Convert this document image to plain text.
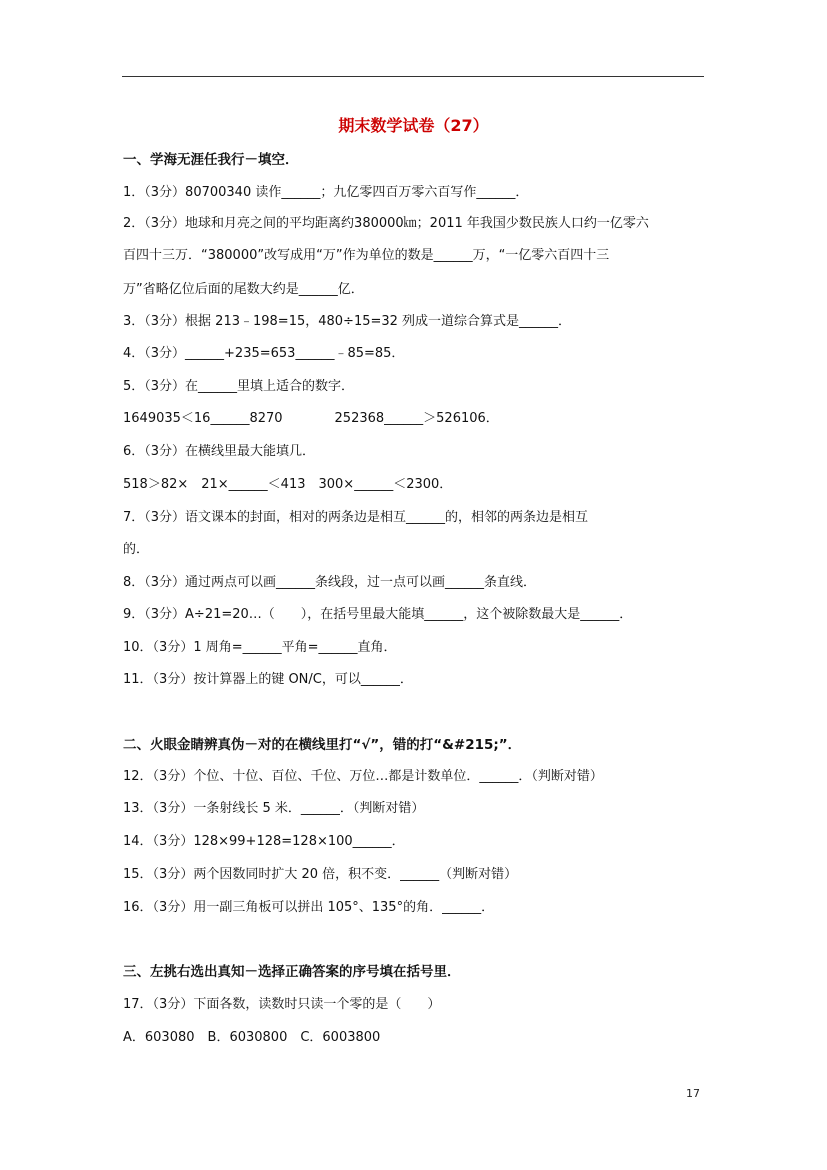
期末数学试卷（27）
一、学海无涯任我行－填空．
1．（3分）80700340 读作______；九亿零四百万零六百写作______．
2．（3分）地球和月亮之间的平均距离约380000㎞；2011 年我国少数民族人口约一亿零六
百四十三万．“380000”改写成用“万”作为单位的数是______万，“一亿零六百四十三
万”省略亿位后面的尾数大约是______亿．
3．（3分）根据 213﹣198=15，480÷15=32 列成一道综合算式是______．
4．（3分）______+235=653______﹣85=85．
5．（3分）在______里填上适合的数字．
1649035＜16______8270　　　　252368______＞526106．
6．（3分）在横线里最大能填几．
518＞82×　21×______＜413　300×______＜2300．
7．（3分）语文课本的封面，相对的两条边是相互______的，相邻的两条边是相互
的．
8．（3分）通过两点可以画______条线段，过一点可以画______条直线．
9．（3分）A÷21=20…（　　），在括号里最大能填______，这个被除数最大是______．
10．（3分）1 周角=______平角=______直角．
11．（3分）按计算器上的键 ON/C，可以______．
二、火眼金睛辨真伪－对的在横线里打“√”，错的打“&#215;”．
12．（3分）个位、十位、百位、千位、万位…都是计数单位．______．（判断对错）
13．（3分）一条射线长 5 米．______．（判断对错）
14．（3分）128×99+128=128×100______．
15．（3分）两个因数同时扩大 20 倍，积不变．______（判断对错）
16．（3分）用一副三角板可以拼出 105°、135°的角．______．
三、左挑右选出真知－选择正确答案的序号填在括号里．
17．（3分）下面各数，读数时只读一个零的是（　　）
A．603080　B．6030800　C．6003800
17
